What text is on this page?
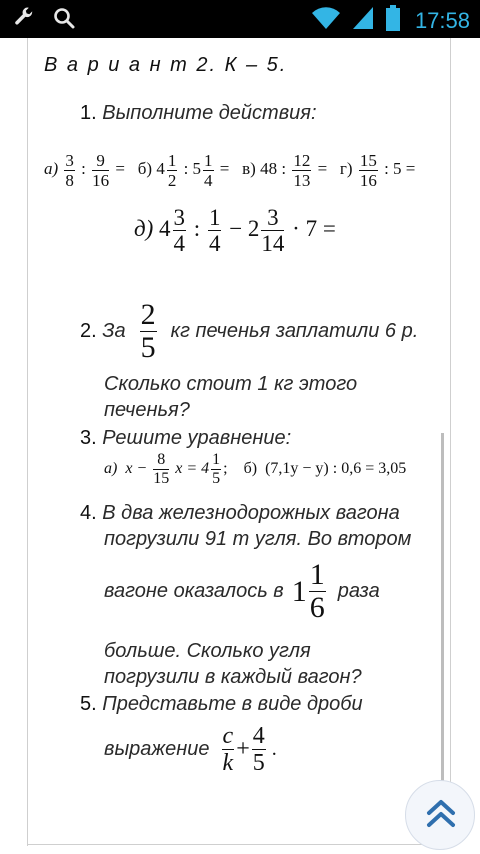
17:58
В а р и а н т 2. К – 5.
1. Выполните действия:
$а) \frac{3}{8}$ : $\frac{9}{16} = б$) $4 \frac{1}{2}$ : $5 \frac{1}{4} = в$) 48 : $\frac{12}{13} = г) \frac{15}{16}$ : 5 =
д) $4 \frac{3}{4}$ : $\frac{1}{4} - 2 \frac{3}{14} \cdot 7$ =
2.
За $\frac{2}{5}$ кг печенья заплатили 6 р.
Сколько стоит 1 кг этого
печенья?
3. Решите уравнение:
а) $x - \frac{8}{15}$ $x = 4 \frac{1}{5}$ ; б) (7,1y − y) : 0,6 = 3,05
4. В два железнодорожных вагона
погрузили 91 т угля. Во втором
вагоне оказалось в $1 \frac{1}{6}$ раза
больше. Сколько угля
погрузили в каждый вагон?
5. Представьте в виде дроби
выражение $\frac{c}{k} + \frac{4}{5}$ .
